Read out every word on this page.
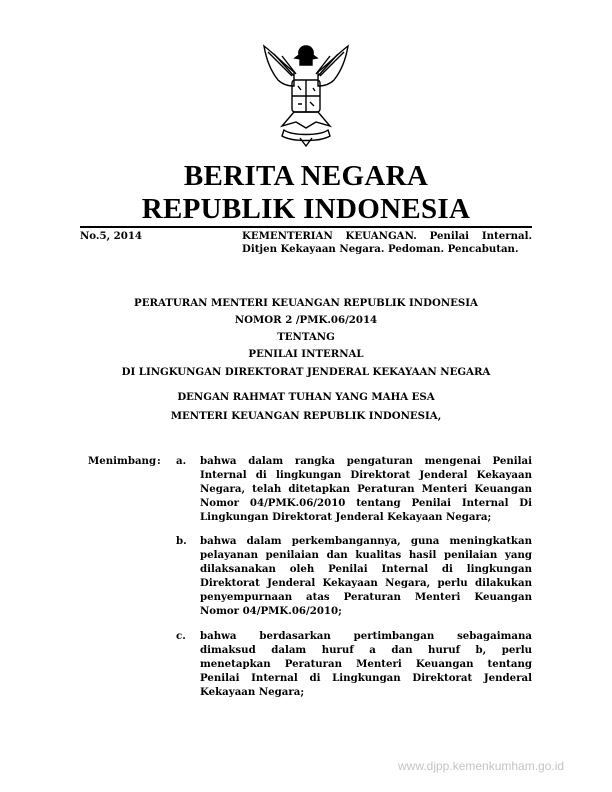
BERITA NEGARA
REPUBLIK INDONESIA
No.5, 2014	KEMENTERIAN KEUANGAN. Penilai Internal.
Ditjen Kekayaan Negara. Pedoman. Pencabutan.
PERATURAN MENTERI KEUANGAN REPUBLIK INDONESIA
NOMOR 2 /PMK.06/2014
TENTANG
PENILAI INTERNAL
DI LINGKUNGAN DIREKTORAT JENDERAL KEKAYAAN NEGARA
DENGAN RAHMAT TUHAN YANG MAHA ESA
MENTERI KEUANGAN REPUBLIK INDONESIA,
Menimbang : a. bahwa dalam rangka pengaturan mengenai Penilai
Internal di lingkungan Direktorat Jenderal Kekayaan
Negara, telah ditetapkan Peraturan Menteri Keuangan
Nomor 04/PMK.06/2010 tentang Penilai Internal Di
Lingkungan Direktorat Jenderal Kekayaan Negara;
b. bahwa dalam perkembangannya, guna meningkatkan
pelayanan penilaian dan kualitas hasil penilaian yang
dilaksanakan oleh Penilai Internal di lingkungan
Direktorat Jenderal Kekayaan Negara, perlu dilakukan
penyempurnaan atas Peraturan Menteri Keuangan
Nomor 04/PMK.06/2010;
c. bahwa berdasarkan pertimbangan sebagaimana
dimaksud dalam huruf a dan huruf b, perlu
menetapkan Peraturan Menteri Keuangan tentang
Penilai Internal di Lingkungan Direktorat Jenderal
Kekayaan Negara;
www.djpp.kemenkumham.go.id
